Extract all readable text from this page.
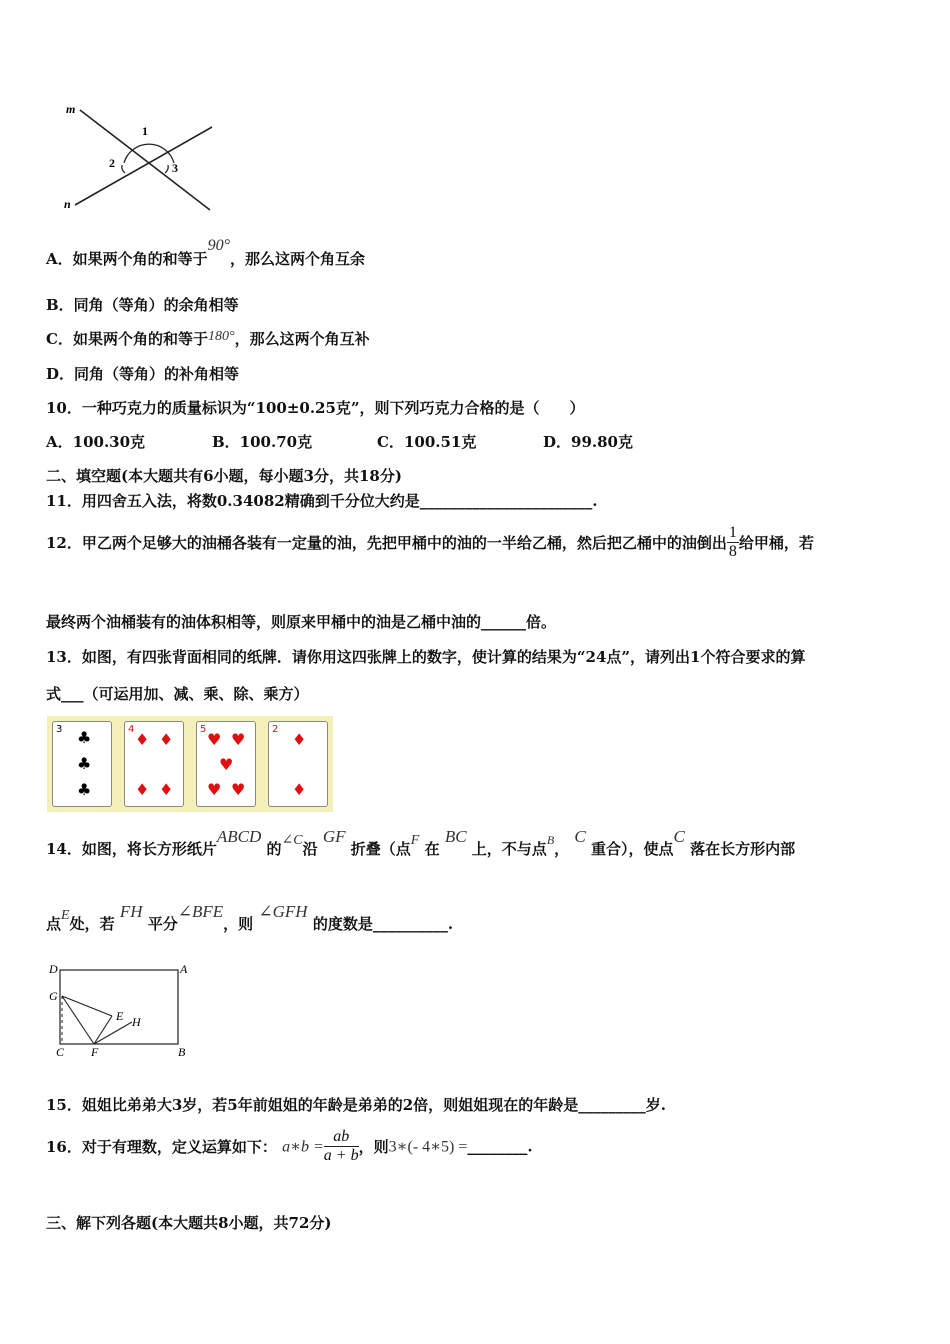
m
n
1
2	3
A．如果两个角的和等于90°，那么这两个角互余
B．同角（等角）的余角相等
C．如果两个角的和等于180°，那么这两个角互补
D．同角（等角）的补角相等
10．一种巧克力的质量标识为“100±0.25克”，则下列巧克力合格的是（　　）
A．100.30克	B．100.70克	C．100.51克	D．99.80克
二、填空题(本大题共有6小题，每小题3分，共18分)
11．用四舍五入法，将数0.34082精确到千分位大约是_______________________.
12．甲乙两个足够大的油桶各装有一定量的油，先把甲桶中的油的一半给乙桶，然后把乙桶中的油倒出 $\frac{1}{8}$ 给甲桶，若
最终两个油桶装有的油体积相等，则原来甲桶中的油是乙桶中油的______倍。
13．如图，有四张背面相同的纸牌．请你用这四张牌上的数字，使计算的结果为“24点”，请列出1个符合要求的算
式___（可运用加、减、乘、除、乘方）
3 ♣
♣
♣
4
♦ ♦
♦ ♦
5
♥ ♥
♥
♥ ♥
2
♦
♦
14．如图，将长方形纸片ABCD 的∠C沿 GF 折叠（点F 在 BC 上，不与点$^B$， C 重合），使点C 落在长方形内部
点E处，若 FH 平分∠BFE，则 ∠GFH 的度数是__________.
D	A
G
E H
C F	B
15．姐姐比弟弟大3岁，若5年前姐姐的年龄是弟弟的2倍，则姐姐现在的年龄是_________岁.
16．对于有理数，定义运算如下： a∗b = $\frac{ab}{a + b}$ ，则3∗(- 4∗5) =________.
三、解下列各题(本大题共8小题，共72分)
